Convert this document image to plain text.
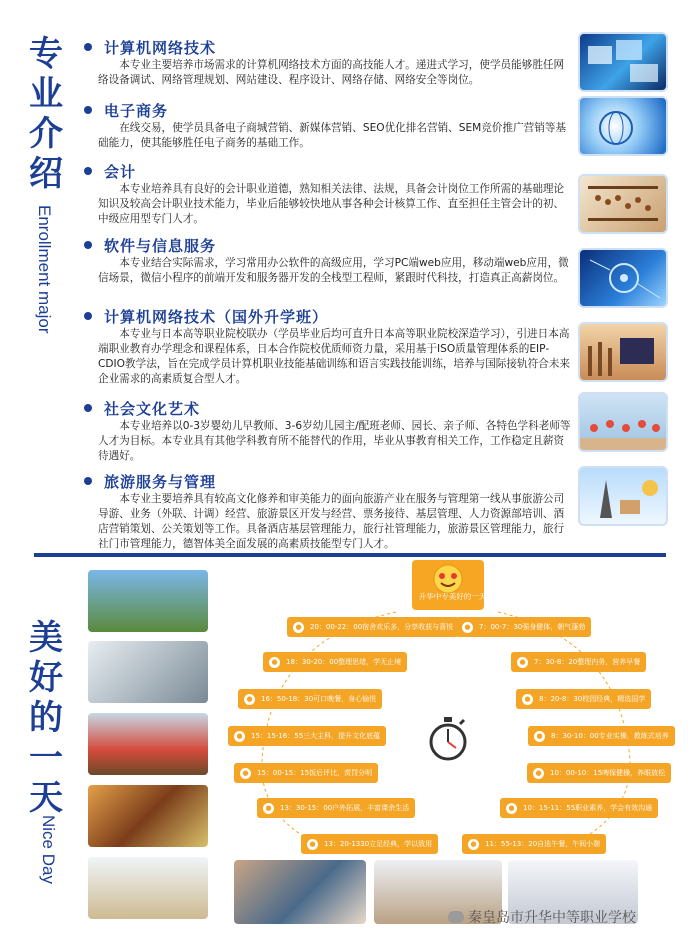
专
业
介
绍
Enrollment major
计算机网络技术

本专业主要培养市场需求的计算机网络技术方面的高技能人才。递进式学习，使学员能够胜任网络设备调试、网络管理规划、网站建设、程序设计、网络存储、网络安全等岗位。

电子商务

在线交易，使学员具备电子商城营销、新媒体营销、SEO优化排名营销、SEM竞价推广营销等基础能力，使其能够胜任电子商务的基础工作。

会计

本专业培养具有良好的会计职业道德，熟知相关法律、法规，具备会计岗位工作所需的基础理论知识及较高会计职业技术能力，毕业后能够较快地从事各种会计核算工作、直至担任主管会计的初、中级应用型专门人才。

软件与信息服务

本专业结合实际需求，学习常用办公软件的高级应用，学习PC端web应用，移动端web应用，微信场景，微信小程序的前端开发和服务器开发的全栈型工程师，紧跟时代科技，打造真正高薪岗位。

计算机网络技术（国外升学班）

本专业与日本高等职业院校联办（学员毕业后均可直升日本高等职业院校深造学习），引进日本高端职业教育办学理念和课程体系，日本合作院校优质师资力量，采用基于ISO质量管理体系的EIP-CDIO教学法，旨在完成学员计算机职业技能基础训练和语言实践技能训练，培养与国际接轨符合未来企业需求的高素质复合型人才。

社会文化艺术

本专业培养以0-3岁婴幼儿早教师、3-6岁幼儿园主/配班老师、园长、亲子师、各特色学科老师等人才为目标。本专业具有其他学科教育所不能替代的作用，毕业从事教育相关工作，工作稳定且薪资待遇好。

旅游服务与管理

本专业主要培养具有较高文化修养和审美能力的面向旅游产业在服务与管理第一线从事旅游公司导游、业务（外联、计调）经营、旅游景区开发与经营、票务接待、基层管理、人力资源部培训、酒店营销策划、公关策划等工作。具备酒店基层管理能力，旅行社管理能力，旅游景区管理能力，旅行社门市管理能力，德智体美全面发展的高素质技能型专门人才。

美
好
的
一
天
Nice Day
升华中专美好的一天
●	20：00-22：00宿舍欢乐多，分享收获与喜悦
●	18：30-20：00整理思绪，学无止境
●	16：50-18：30可口晚餐，身心愉悦
●	15：15-16：55三大主科，提升文化底蕴
●	15：00-15：15饭后评比，赏罚分明
●	13：30-15：00户外拓展，丰富课余生活
●	13：20-1330立足经典，学以致用
●	7：00-7：30强身健体，朝气蓬勃
●	7：30-8：20整理内务，营养早餐
●	8：20-8：30校园经典，精选国学
●	8：30-10：00专业实操，教练式培养
●	10：00-10：15啤保健操，养眼放松
●	10：15-11：55职业素养，学会有效沟通
●	11：55-13：20自选午餐，午间小憩
秦皇岛市升华中等职业学校
